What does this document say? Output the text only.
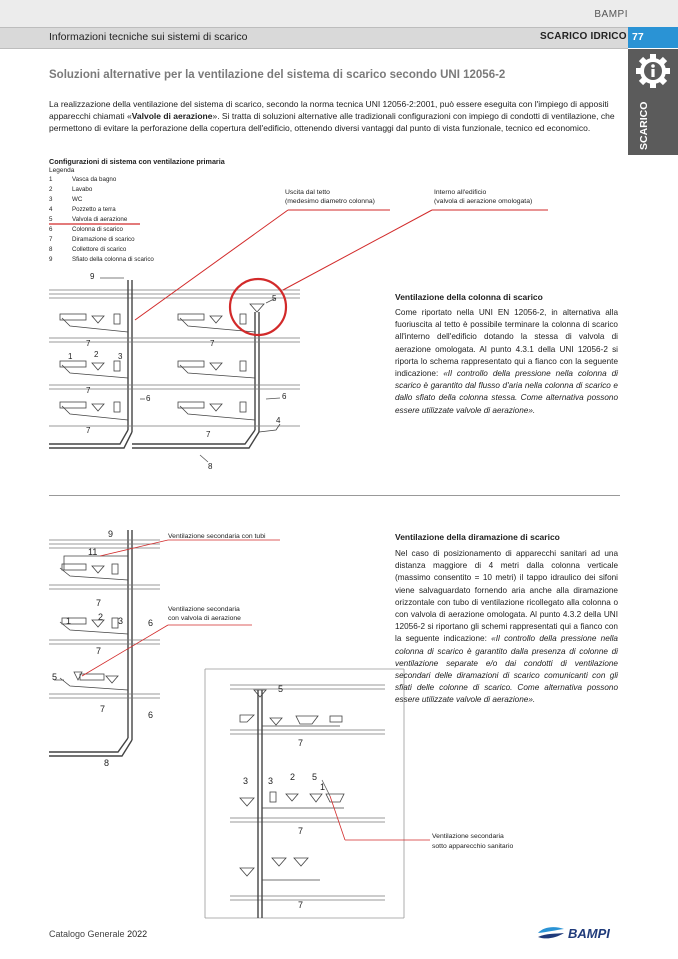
BAMPI
Informazioni tecniche sui sistemi di scarico	SCARICO IDRICO 77
SCARICO
Soluzioni alternative per la ventilazione del sistema di scarico secondo UNI 12056-2
La realizzazione della ventilazione del sistema di scarico, secondo la norma tecnica UNI 12056-2:2001, può essere eseguita con l'impiego di appositi apparecchi chiamati «Valvole di aerazione». Si tratta di soluzioni alternative alle tradizionali configurazioni con impiego di condotti di ventilazione, che permettono di evitare la perforazione della copertura dell'edificio, ottenendo diversi vantaggi dal punto di vista funzionale, tecnico ed economico.
Configurazioni di sistema con ventilazione primaria
Legenda
1	Vasca da bagno
2	Lavabo
3	WC
4	Pozzetto a terra
5	Valvola di aerazione
6	Colonna di scarico
7	Diramazione di scarico
8	Collettore di scarico
9	Sfiato della colonna di scarico
Uscita dal tetto
(medesimo diametro colonna)
Interno all'edificio
(valvola di aerazione omologata)
9
5
7	7
1	2 3
7
6	6
7	7
4
8
Ventilazione della colonna di scarico
Come riportato nella UNI EN 12056-2, in alternativa alla fuoriuscita al tetto è possibile terminare la colonna di scarico all'interno dell'edificio dotando la stessa di valvola di aerazione omologata. Al punto 4.3.1 della UNI 12056-2 si riporta lo schema rappresentato qui a fianco con la seguente indicazione: «Il controllo della pressione nella colonna di scarico è garantito dal flusso d'aria nella colonna di scarico e dallo sfiato della colonna stessa. Come alternativa possono essere utilizzate valvole di aerazione».
Ventilazione secondaria con tubi
Ventilazione secondaria
con valvola di aerazione
Ventilazione secondaria
sotto apparecchio sanitario
9
11
7
1	2 3	6
7
5
7
6
8
5
7
3 3 2 5
1
7
7
Ventilazione della diramazione di scarico
Nel caso di posizionamento di apparecchi sanitari ad una distanza maggiore di 4 metri dalla colonna verticale (massimo consentito = 10 metri) il tappo idraulico dei sifoni viene salvaguardato fornendo aria anche alla diramazione orizzontale con tubo di ventilazione ricollegato alla colonna o con valvola di aerazione omologata. Al punto 4.3.2 della UNI 12056-2 si riportano gli schemi rappresentati qui a fianco con la seguente indicazione: «Il controllo della pressione nella colonna di scarico è garantito dalla presenza di colonne di ventilazione separate e/o dai condotti di ventilazione secondari delle diramazioni di scarico comunicanti con gli sfiati delle colonne di scarico. Come alternativa possono essere utilizzate valvole di aerazione».
Catalogo Generale 2022	BAMPI
